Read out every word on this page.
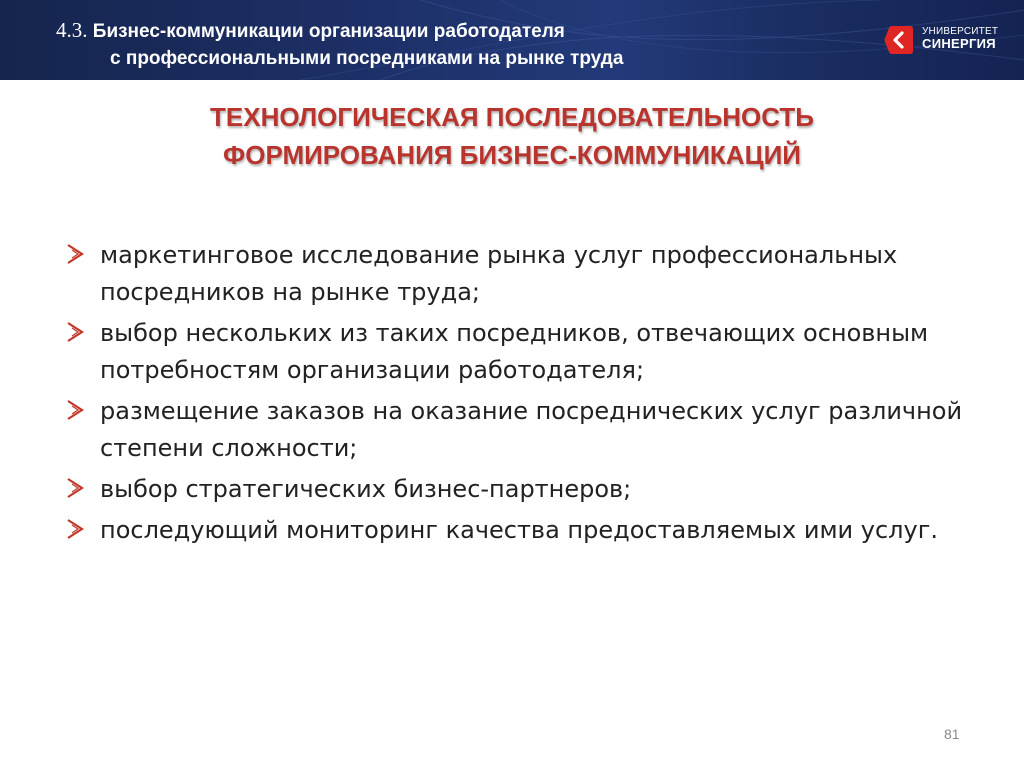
4.3. Бизнес-коммуникации организации работодателя
с профессиональными посредниками на рынке труда
УНИВЕРСИТЕТ
СИНЕРГИЯ
ТЕХНОЛОГИЧЕСКАЯ ПОСЛЕДОВАТЕЛЬНОСТЬ
ФОРМИРОВАНИЯ БИЗНЕС-КОММУНИКАЦИЙ
маркетинговое исследование рынка услуг профессиональных посредников на рынке труда;
выбор нескольких из таких посредников, отвечающих основным потребностям организации работодателя;
размещение заказов на оказание посреднических услуг различной степени сложности;
выбор стратегических бизнес-партнеров;
последующий мониторинг качества предоставляемых ими услуг.
81
